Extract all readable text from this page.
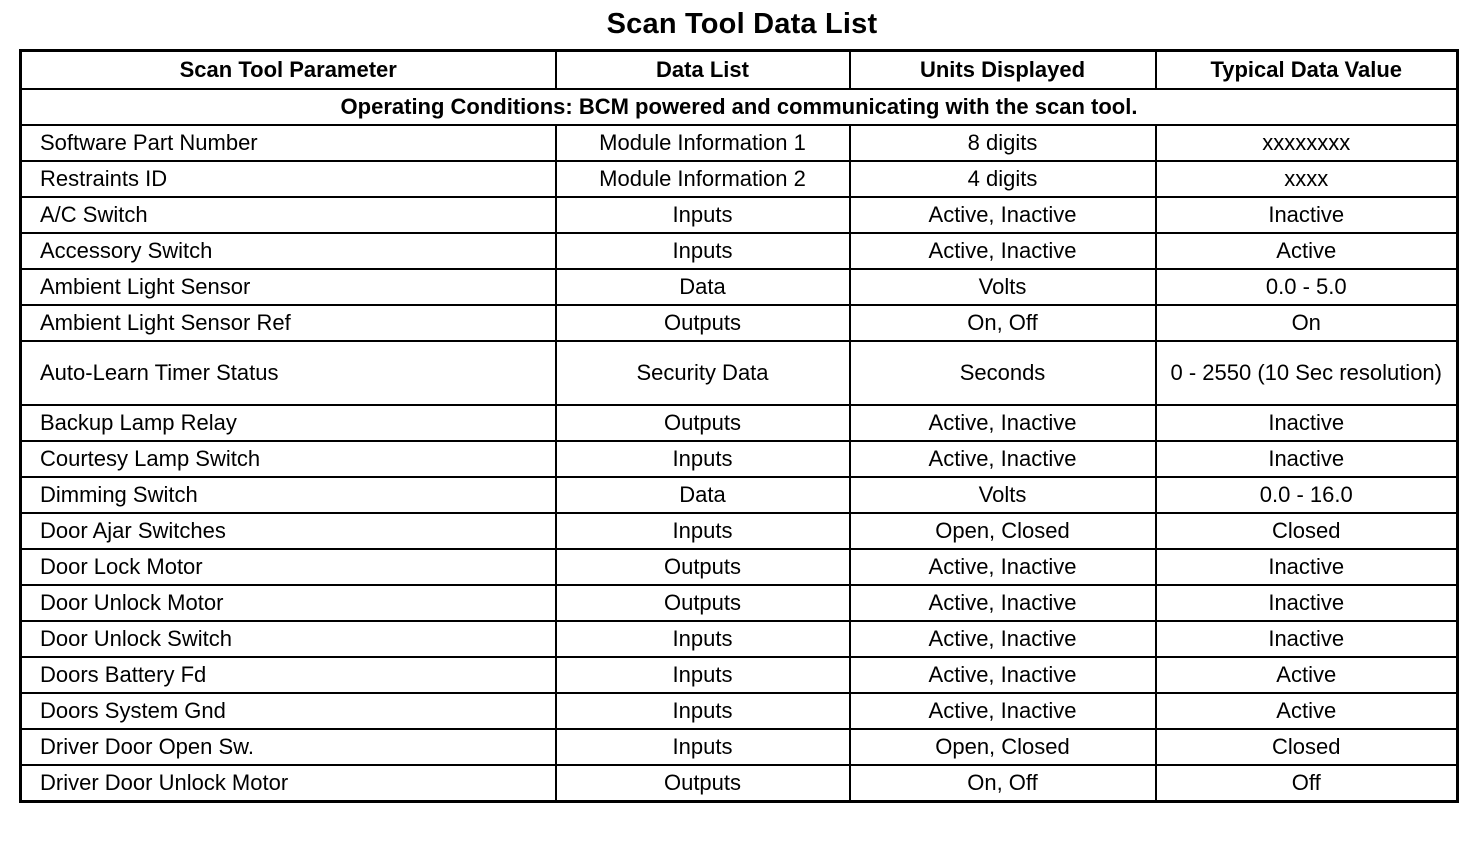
Scan Tool Data List
Scan Tool Parameter	Data List	Units Displayed	Typical Data Value
Operating Conditions: BCM powered and communicating with the scan tool.			
Software Part Number	Module Information 1	8 digits	xxxxxxxx
Restraints ID	Module Information 2	4 digits	xxxx
A/C Switch	Inputs	Active, Inactive	Inactive
Accessory Switch	Inputs	Active, Inactive	Active
Ambient Light Sensor	Data	Volts	0.0 - 5.0
Ambient Light Sensor Ref	Outputs	On, Off	On
Auto-Learn Timer Status	Security Data	Seconds	0 - 2550 (10 Sec resolution)
Backup Lamp Relay	Outputs	Active, Inactive	Inactive
Courtesy Lamp Switch	Inputs	Active, Inactive	Inactive
Dimming Switch	Data	Volts	0.0 - 16.0
Door Ajar Switches	Inputs	Open, Closed	Closed
Door Lock Motor	Outputs	Active, Inactive	Inactive
Door Unlock Motor	Outputs	Active, Inactive	Inactive
Door Unlock Switch	Inputs	Active, Inactive	Inactive
Doors Battery Fd	Inputs	Active, Inactive	Active
Doors System Gnd	Inputs	Active, Inactive	Active
Driver Door Open Sw.	Inputs	Open, Closed	Closed
Driver Door Unlock Motor	Outputs	On, Off	Off
